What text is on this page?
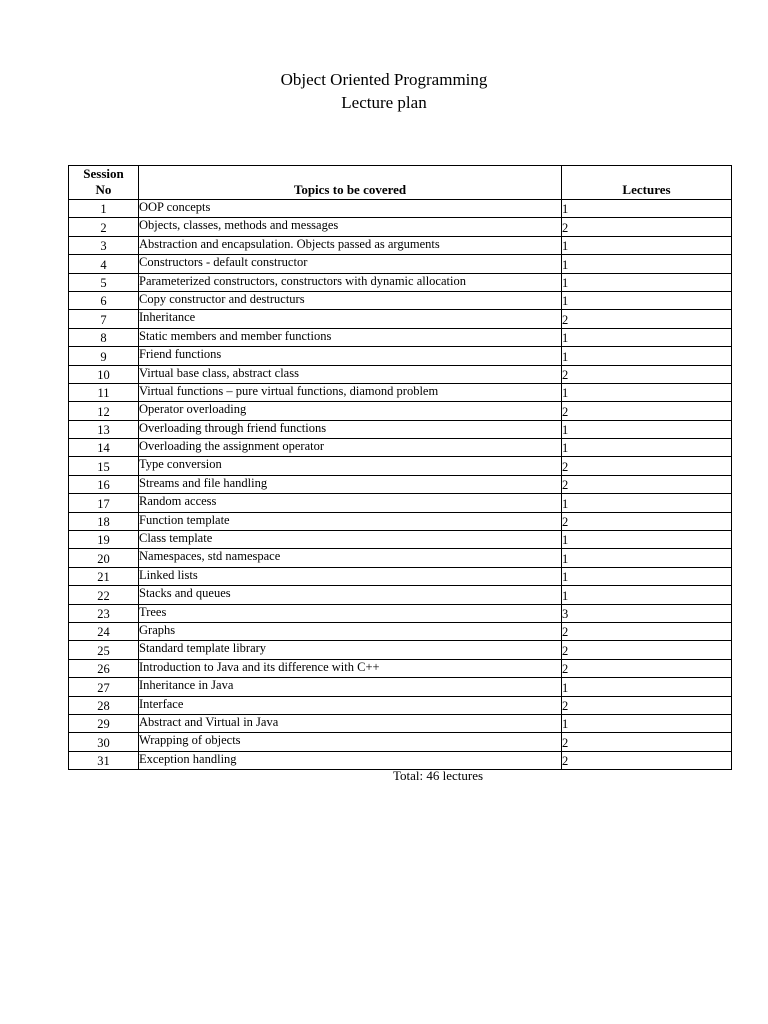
Object Oriented Programming
Lecture plan
Session
No	Topics to be covered	Lectures
1	OOP concepts	1
2	Objects, classes, methods and messages	2
3	Abstraction and encapsulation. Objects passed as arguments	1
4	Constructors - default constructor	1
5	Parameterized constructors, constructors with dynamic allocation	1
6	Copy constructor and destructurs	1
7	Inheritance	2
8	Static members and member functions	1
9	Friend functions	1
10	Virtual base class, abstract class	2
11	Virtual functions – pure virtual functions, diamond problem	1
12	Operator overloading	2
13	Overloading through friend functions	1
14	Overloading the assignment operator	1
15	Type conversion	2
16	Streams and file handling	2
17	Random access	1
18	Function template	2
19	Class template	1
20	Namespaces, std namespace	1
21	Linked lists	1
22	Stacks and queues	1
23	Trees	3
24	Graphs	2
25	Standard template library	2
26	Introduction to Java and its difference with C++	2
27	Inheritance in Java	1
28	Interface	2
29	Abstract and Virtual in Java	1
30	Wrapping of objects	2
31	Exception handling	2
Total: 46 lectures
